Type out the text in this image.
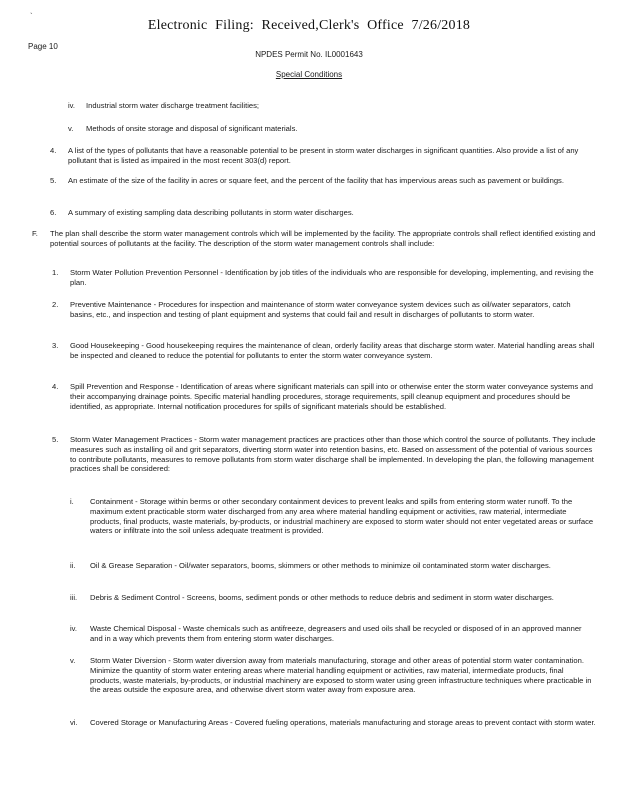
`
Electronic Filing: Received,Clerk's Office 7/26/2018
Page 10
NPDES Permit No. IL0001643
Special Conditions
iv. Industrial storm water discharge treatment facilities;
v. Methods of onsite storage and disposal of significant materials.
4. A list of the types of pollutants that have a reasonable potential to be present in storm water discharges in significant quantities. Also provide a list of any pollutant that is listed as impaired in the most recent 303(d) report.
5. An estimate of the size of the facility in acres or square feet, and the percent of the facility that has impervious areas such as pavement or buildings.
6. A summary of existing sampling data describing pollutants in storm water discharges.
F. The plan shall describe the storm water management controls which will be implemented by the facility. The appropriate controls shall reflect identified existing and potential sources of pollutants at the facility. The description of the storm water management controls shall include:
1. Storm Water Pollution Prevention Personnel - Identification by job titles of the individuals who are responsible for developing, implementing, and revising the plan.
2. Preventive Maintenance - Procedures for inspection and maintenance of storm water conveyance system devices such as oil/water separators, catch basins, etc., and inspection and testing of plant equipment and systems that could fail and result in discharges of pollutants to storm water.
3. Good Housekeeping - Good housekeeping requires the maintenance of clean, orderly facility areas that discharge storm water. Material handling areas shall be inspected and cleaned to reduce the potential for pollutants to enter the storm water conveyance system.
4. Spill Prevention and Response - Identification of areas where significant materials can spill into or otherwise enter the storm water conveyance systems and their accompanying drainage points. Specific material handling procedures, storage requirements, spill cleanup equipment and procedures should be identified, as appropriate. Internal notification procedures for spills of significant materials should be established.
5. Storm Water Management Practices - Storm water management practices are practices other than those which control the source of pollutants. They include measures such as installing oil and grit separators, diverting storm water into retention basins, etc. Based on assessment of the potential of various sources to contribute pollutants, measures to remove pollutants from storm water discharge shall be implemented. In developing the plan, the following management practices shall be considered:
i. Containment - Storage within berms or other secondary containment devices to prevent leaks and spills from entering storm water runoff. To the maximum extent practicable storm water discharged from any area where material handling equipment or activities, raw material, intermediate products, final products, waste materials, by-products, or industrial machinery are exposed to storm water should not enter vegetated areas or surface waters or infiltrate into the soil unless adequate treatment is provided.
ii. Oil & Grease Separation - Oil/water separators, booms, skimmers or other methods to minimize oil contaminated storm water discharges.
iii. Debris & Sediment Control - Screens, booms, sediment ponds or other methods to reduce debris and sediment in storm water discharges.
iv. Waste Chemical Disposal - Waste chemicals such as antifreeze, degreasers and used oils shall be recycled or disposed of in an approved manner and in a way which prevents them from entering storm water discharges.
v. Storm Water Diversion - Storm water diversion away from materials manufacturing, storage and other areas of potential storm water contamination. Minimize the quantity of storm water entering areas where material handling equipment or activities, raw material, intermediate products, final products, waste materials, by-products, or industrial machinery are exposed to storm water using green infrastructure techniques where practicable in the areas outside the exposure area, and otherwise divert storm water away from exposure area.
vi. Covered Storage or Manufacturing Areas - Covered fueling operations, materials manufacturing and storage areas to prevent contact with storm water.
